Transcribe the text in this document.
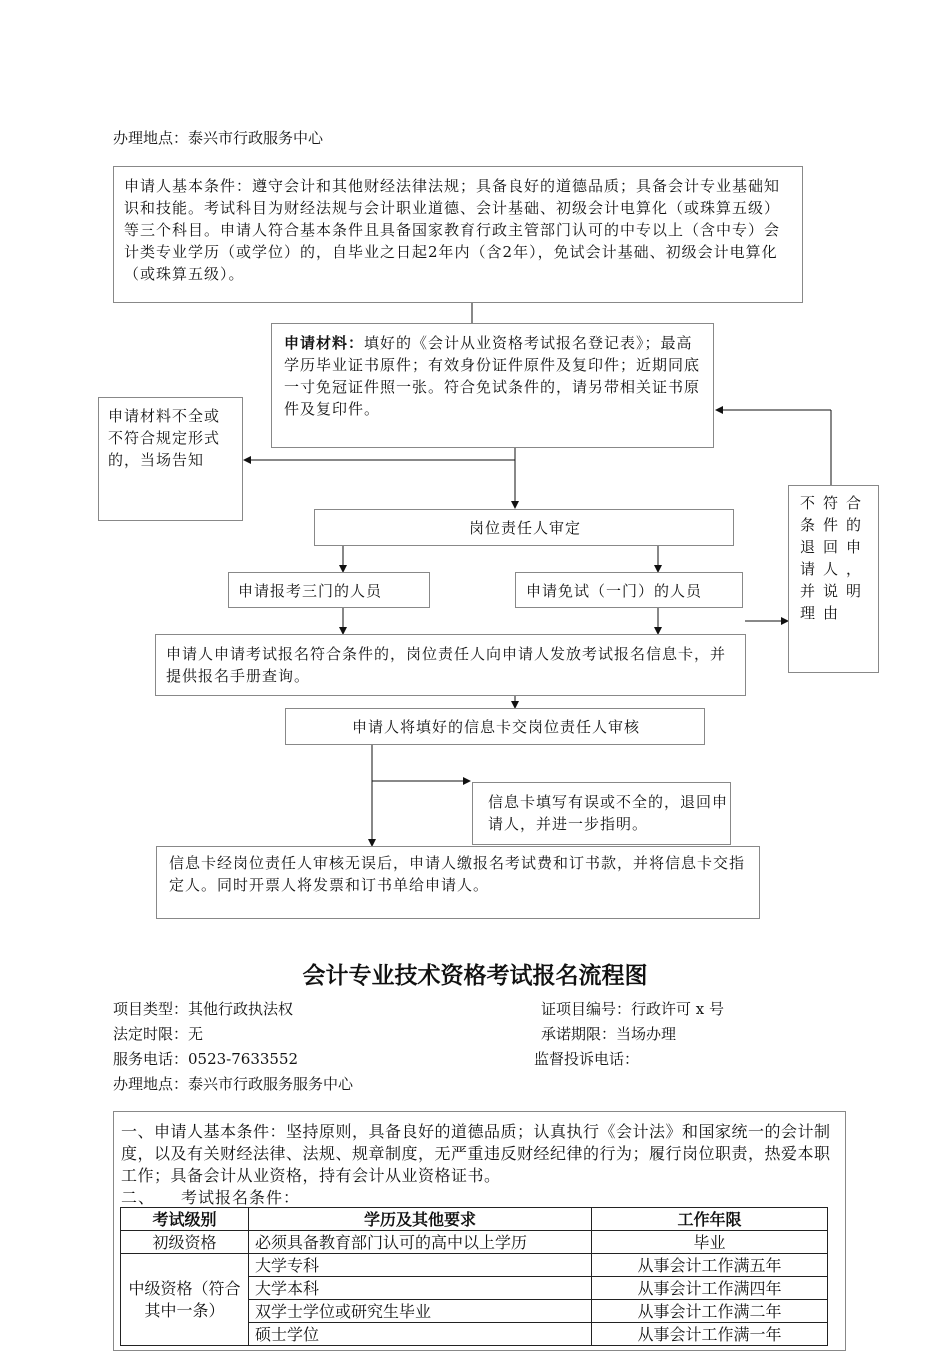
办理地点：泰兴市行政服务中心
申请人基本条件：遵守会计和其他财经法律法规；具备良好的道德品质；具备会计专业基础知识和技能。考试科目为财经法规与会计职业道德、会计基础、初级会计电算化（或珠算五级）等三个科目。申请人符合基本条件且具备国家教育行政主管部门认可的中专以上（含中专）会计类专业学历（或学位）的，自毕业之日起2年内（含2年），免试会计基础、初级会计电算化（或珠算五级）。
申请材料：填好的《会计从业资格考试报名登记表》；最高学历毕业证书原件；有效身份证件原件及复印件；近期同底一寸免冠证件照一张。符合免试条件的，请另带相关证书原件及复印件。
申请材料不全或不符合规定形式的，当场告知
不符合条件的退回申请人，并说明理由
岗位责任人审定
申请报考三门的人员	申请免试（一门）的人员
申请人申请考试报名符合条件的，岗位责任人向申请人发放考试报名信息卡，并提供报名手册查询。
申请人将填好的信息卡交岗位责任人审核
信息卡填写有误或不全的，退回申请人，并进一步指明。
信息卡经岗位责任人审核无误后，申请人缴报名考试费和订书款，并将信息卡交指定人。同时开票人将发票和订书单给申请人。
会计专业技术资格考试报名流程图
项目类型：其他行政执法权	证项目编号：行政许可 x 号
法定时限：无	承诺期限：当场办理
服务电话：0523-7633552	监督投诉电话：
办理地点：泰兴市行政服务服务中心
一、申请人基本条件：坚持原则，具备良好的道德品质；认真执行《会计法》和国家统一的会计制度，以及有关财经法律、法规、规章制度，无严重违反财经纪律的行为；履行岗位职责，热爱本职工作；具备会计从业资格，持有会计从业资格证书。
二、　　考试报名条件：
考试级别	学历及其他要求	工作年限
初级资格	必须具备教育部门认可的高中以上学历	毕业
中级资格（符合其中一条）	大学专科	从事会计工作满五年
	大学本科	从事会计工作满四年
	双学士学位或研究生毕业	从事会计工作满二年
	硕士学位	从事会计工作满一年
